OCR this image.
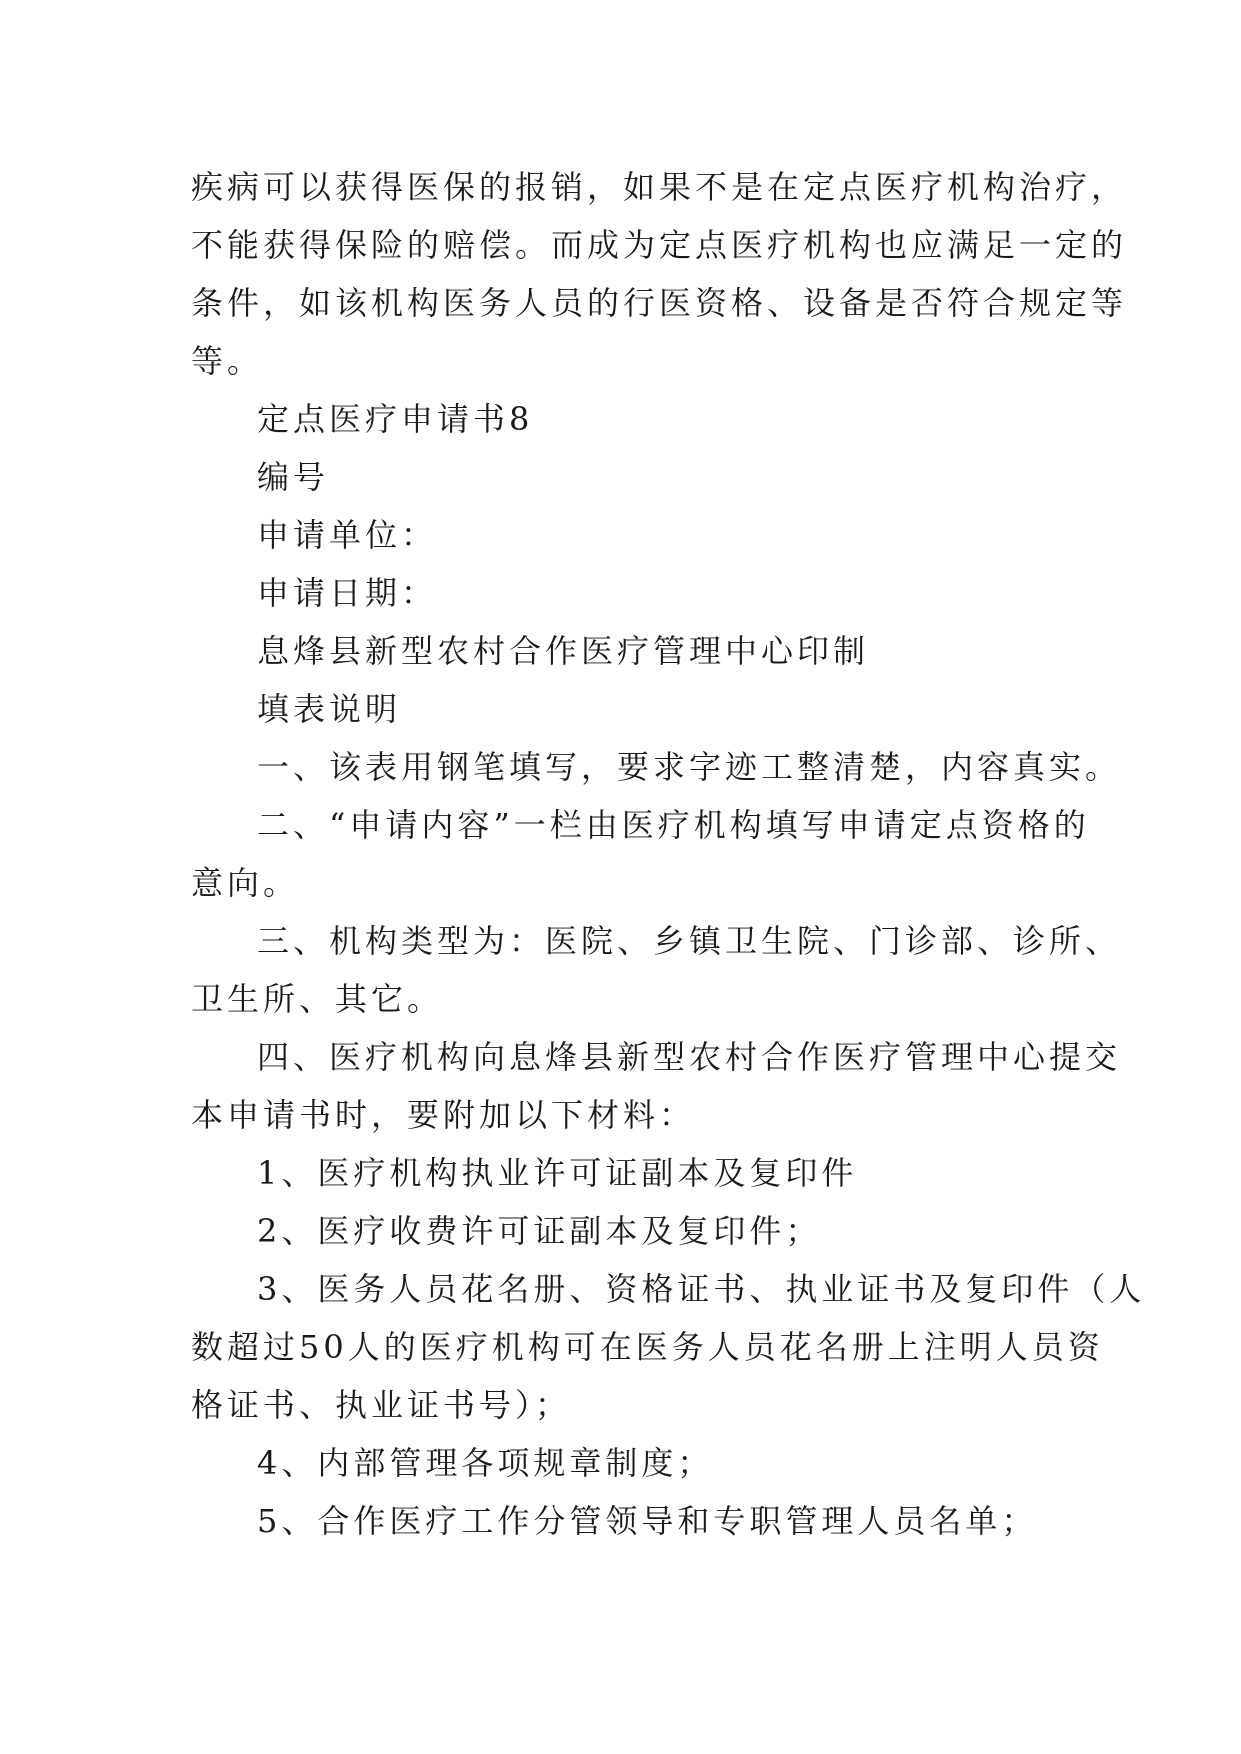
疾病可以获得医保的报销，如果不是在定点医疗机构治疗，
不能获得保险的赔偿。而成为定点医疗机构也应满足一定的
条件，如该机构医务人员的行医资格、设备是否符合规定等
等。
定点医疗申请书8
编号
申请单位：
申请日期：
息烽县新型农村合作医疗管理中心印制
填表说明
一、该表用钢笔填写，要求字迹工整清楚，内容真实。
二、“申请内容”一栏由医疗机构填写申请定点资格的
意向。
三、机构类型为：医院、乡镇卫生院、门诊部、诊所、
卫生所、其它。
四、医疗机构向息烽县新型农村合作医疗管理中心提交
本申请书时，要附加以下材料：
1、医疗机构执业许可证副本及复印件
2、医疗收费许可证副本及复印件；
3、医务人员花名册、资格证书、执业证书及复印件（人
数超过50人的医疗机构可在医务人员花名册上注明人员资
格证书、执业证书号）；
4、内部管理各项规章制度；
5、合作医疗工作分管领导和专职管理人员名单；
